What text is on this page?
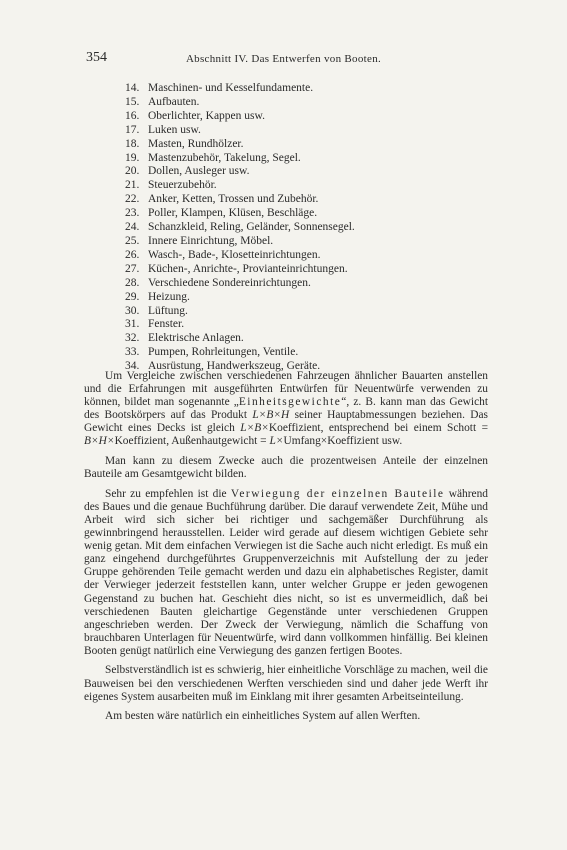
354	Abschnitt IV. Das Entwerfen von Booten.
14. Maschinen- und Kesselfundamente.
15. Aufbauten.
16. Oberlichter, Kappen usw.
17. Luken usw.
18. Masten, Rundhölzer.
19. Mastenzubehör, Takelung, Segel.
20. Dollen, Ausleger usw.
21. Steuerzubehör.
22. Anker, Ketten, Trossen und Zubehör.
23. Poller, Klampen, Klüsen, Beschläge.
24. Schanzkleid, Reling, Geländer, Sonnensegel.
25. Innere Einrichtung, Möbel.
26. Wasch-, Bade-, Klosetteinrichtungen.
27. Küchen-, Anrichte-, Provianteinrichtungen.
28. Verschiedene Sondereinrichtungen.
29. Heizung.
30. Lüftung.
31. Fenster.
32. Elektrische Anlagen.
33. Pumpen, Rohrleitungen, Ventile.
34. Ausrüstung, Handwerkszeug, Geräte.

Um Vergleiche zwischen verschiedenen Fahrzeugen ähnlicher Bauarten anstellen und die Erfahrungen mit ausgeführten Entwürfen für Neuentwürfe verwenden zu können, bildet man sogenannte „Einheitsgewichte“, z. B. kann man das Gewicht des Bootskörpers auf das Produkt L×B×H seiner Hauptabmessungen beziehen. Das Gewicht eines Decks ist gleich L×B×Koeffizient, entsprechend bei einem Schott = B×H×Koeffizient, Außenhautgewicht = L×Umfang×Koeffizient usw.

Man kann zu diesem Zwecke auch die prozentweisen Anteile der einzelnen Bauteile am Gesamtgewicht bilden.

Sehr zu empfehlen ist die Verwiegung der einzelnen Bauteile während des Baues und die genaue Buchführung darüber. Die darauf verwendete Zeit, Mühe und Arbeit wird sich sicher bei richtiger und sachgemäßer Durchführung als gewinnbringend herausstellen. Leider wird gerade auf diesem wichtigen Gebiete sehr wenig getan. Mit dem einfachen Verwiegen ist die Sache auch nicht erledigt. Es muß ein ganz eingehend durchgeführtes Gruppenverzeichnis mit Aufstellung der zu jeder Gruppe gehörenden Teile gemacht werden und dazu ein alphabetisches Register, damit der Verwieger jederzeit feststellen kann, unter welcher Gruppe er jeden gewogenen Gegenstand zu buchen hat. Geschieht dies nicht, so ist es unvermeidlich, daß bei verschiedenen Bauten gleichartige Gegenstände unter verschiedenen Gruppen angeschrieben werden. Der Zweck der Verwiegung, nämlich die Schaffung von brauchbaren Unterlagen für Neuentwürfe, wird dann vollkommen hinfällig. Bei kleinen Booten genügt natürlich eine Verwiegung des ganzen fertigen Bootes.

Selbstverständlich ist es schwierig, hier einheitliche Vorschläge zu machen, weil die Bauweisen bei den verschiedenen Werften verschieden sind und daher jede Werft ihr eigenes System ausarbeiten muß im Einklang mit ihrer gesamten Arbeitseinteilung.

Am besten wäre natürlich ein einheitliches System auf allen Werften.
